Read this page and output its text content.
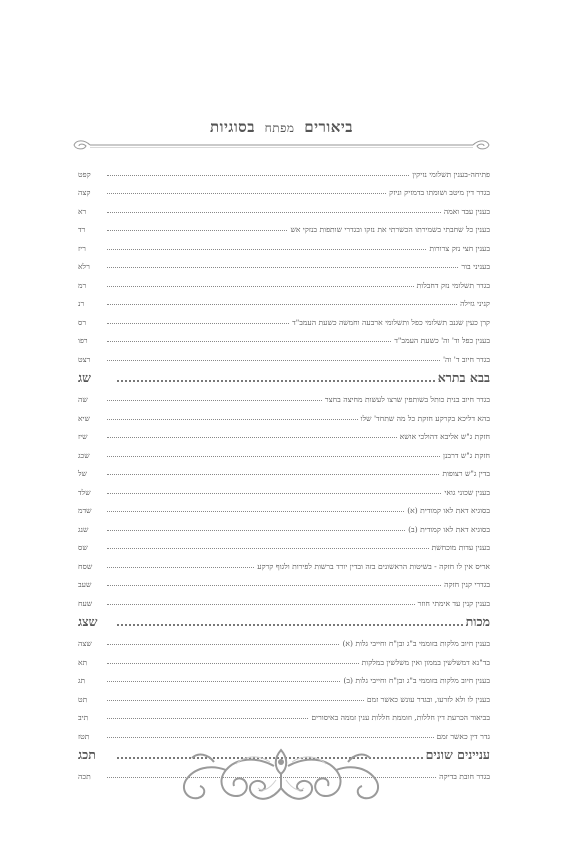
ביאורים מפתח בסוגיות
פתיחה-בענין תשלומי נזיקין
קפט
בגדר דין מיטב ושומתו בדמזיק וניזק
קצה
בענין עבד ואמה
רא
בענין כל שחבתי בשמירתו הכשרתי את נזקו ובגדרי שותפות בנזקי אש
רד
בענין חצי נזק צרורות
ריז
בעניני בור
רלא
בגדר תשלומי נזק דחבלות
רמ
קניני גזילה
רנ
קרן כעין שגנב תשלומי כפל ותשלומי ארבעה וחמשה כשעת העמב"ד
רס
בענין כפל וד' וה' כשעת העמב"ד
רפו
בגדר חיוב ד' וה'
רצט
בבא בתרא
שג
בגדר חיוב בנית כותל בשותפין שרצו לעשות מחיצה בחצר
שה
בהא דליכא בקרקע חזקת כל מה שתחד' שלו
שיא
חזקת ג"ש אליבא דהולכי אושא
שיז
חזקת ג"ש דרבנן
שכג
בדין ג"ש רצופות
של
בענין שכוני גואי
שלד
בסוגיא דאת לאו קמודית (א)
שדמ
בסוגיא דאת לאו קמודית (ב)
שנג
בענין עדות מוכחשת
שס
אריס אין לו חזקה - בשיטות הראשונים בזה ובדין יורד ברשות לפירות ולגוף קרקע
שסח
בגדרי קנין חזקה
שעב
בענין קנין עד אימתי חוזר
שעח
מכות
שצג
בענין חיוב מלקות בזוממי ב"ג ובן"ח וחייבי גלות (א)
שצה
בד"נא דמשלשין בממון ואין משלשין במלקות
תא
בענין חיוב מלקות בזוממי ב"ג ובן"ח וחייבי גלות (ב)
תג
בענין לו ולא לזרעו, ובגדר עונש כאשר זמם
תט
בביאור הכרעת דין חללות, וזוממת חללות ענין זממה באיסורים
תיב
גדר דין כאשר זמם
תטז
עניינים שונים
תכג
בגדר חובת בדיקה
תכה
